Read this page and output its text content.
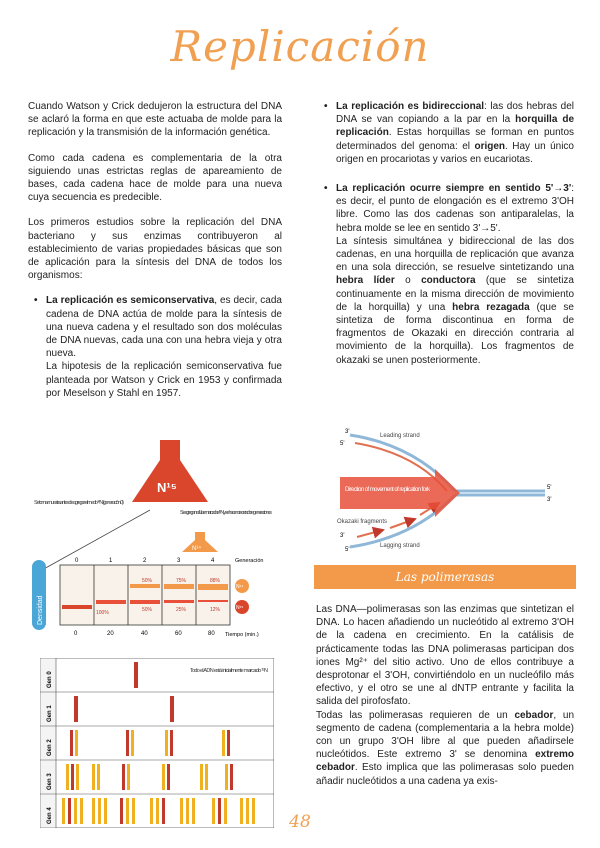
Replicación

Cuando Watson y Crick dedujeron la estructura del DNA se aclaró la forma en que este actuaba de molde para la replicación y la transmisión de la información genética.

Como cada cadena es complementaria de la otra siguiendo unas estrictas reglas de apareamiento de bases, cada cadena hace de molde para una nueva cuya secuencia es predecible.

Los primeros estudios sobre la replicación del DNA bacteriano y sus enzimas contribuyeron al establecimiento de varias propiedades básicas que son de aplicación para la síntesis del DNA de todos los organismos:

• La replicación es semiconservativa, es decir, cada cadena de DNA actúa de molde para la síntesis de una nueva cadena y el resultado son dos moléculas de DNA nuevas, cada una con una hebra vieja y otra nueva.

La hipotesis de la replicación semiconservativa fue planteada por Watson y Crick en 1953 y confirmada por Meselson y Stahl en 1957.

• La replicación es bidireccional: las dos hebras del DNA se van copiando a la par en la horquilla de replicación. Estas horquillas se forman en puntos determinados del genoma: el origen. Hay un único origen en procariotas y varios en eucariotas.

• La replicación ocurre siempre en sentido 5'→3': es decir, el punto de elongación es el extremo 3'OH libre. Como las dos cadenas son antiparalelas, la hebra molde se lee en sentido 3'→5'.

La síntesis simultánea y bidireccional de las dos cadenas, en una horquilla de replicación que avanza en una sola dirección, se resuelve sintetizando una hebra líder o conductora (que se sintetiza continuamente en la misma dirección de movimiento de la horquilla) y una hebra rezagada (que se sintetiza de forma discontinua en forma de fragmentos de Okazaki en dirección contraria al movimiento de la horquilla). Los fragmentos de okazaki se unen posteriormente.

Direction of movement of replication fork
Leading strand
Lagging strand
Okazaki fragments
3'
5'
5'
3'
3'
5'
Las polimerasas

Las DNA—polimerasas son las enzimas que sintetizan el DNA. Lo hacen añadiendo un nucleótido al extremo 3'OH de la cadena en crecimiento. En la catálisis de prácticamente todas las DNA polimerasas participan dos iones Mg²⁺ del sitio activo. Uno de ellos contribuye a desprotonar el 3'OH, convirtiéndolo en un nucleófilo más efectivo, y el otro se une al dNTP entrante y facilita la salida del pirofosfato.

Todas las polimerasas requieren de un cebador, un segmento de cadena (complementaria a la hebra molde) con un grupo 3'OH libre al que pueden añadirsele nucleótidos. Este extremo 3' se denomina extremo cebador. Esto implica que las polimerasas solo pueden añadir nucleótidos a una cadena ya exis-

N¹⁵
Se toma muestra antes de agregar el medio ¹⁴N (generación 0)
Se agregan células marcadas ¹⁵N y se hacen crecer sobre generaciones
N¹⁴
Densidad
Generación
0	1	2	3	4
100%
50%
50%
75%
25%
88%
12%	N¹⁵
N¹⁴
0	20	40	60	80 Tiempo (min.)
Gen 0
Gen 1
Gen 2
Gen 3
Gen 4
Todo el ADN está inicialmente marcado ¹⁵N
48
